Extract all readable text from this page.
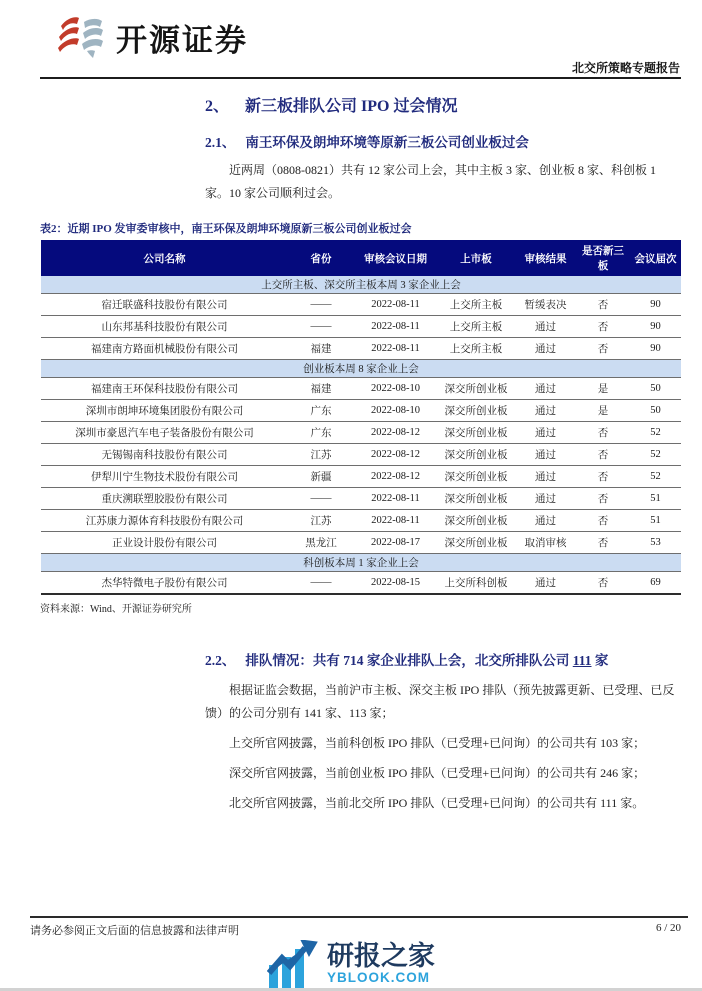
开源证券
北交所策略专题报告
2、 新三板排队公司 IPO 过会情况
2.1、 南王环保及朗坤环境等原新三板公司创业板过会

近两周（0808-0821）共有 12 家公司上会，其中主板 3 家、创业板 8 家、科创板 1 家。10 家公司顺利过会。

表2：近期 IPO 发审委审核中，南王环保及朗坤环境原新三板公司创业板过会
公司名称	省份	审核会议日期	上市板	审核结果	是否新三板	会议届次
上交所主板、深交所主板本周 3 家企业上会						
宿迁联盛科技股份有限公司	——	2022-08-11	上交所主板	暂缓表决	否	90
山东邦基科技股份有限公司	——	2022-08-11	上交所主板	通过	否	90
福建南方路面机械股份有限公司	福建	2022-08-11	上交所主板	通过	否	90
创业板本周 8 家企业上会						
福建南王环保科技股份有限公司	福建	2022-08-10	深交所创业板	通过	是	50
深圳市朗坤环境集团股份有限公司	广东	2022-08-10	深交所创业板	通过	是	50
深圳市豪恩汽车电子装备股份有限公司	广东	2022-08-12	深交所创业板	通过	否	52
无锡锡南科技股份有限公司	江苏	2022-08-12	深交所创业板	通过	否	52
伊犁川宁生物技术股份有限公司	新疆	2022-08-12	深交所创业板	通过	否	52
重庆溯联塑胶股份有限公司	——	2022-08-11	深交所创业板	通过	否	51
江苏康力源体育科技股份有限公司	江苏	2022-08-11	深交所创业板	通过	否	51
正业设计股份有限公司	黑龙江	2022-08-17	深交所创业板	取消审核	否	53
科创板本周 1 家企业上会						
杰华特微电子股份有限公司	——	2022-08-15	上交所科创板	通过	否	69
资料来源：Wind、开源证券研究所
2.2、 排队情况：共有 714 家企业排队上会，北交所排队公司 111 家

根据证监会数据，当前沪市主板、深交主板 IPO 排队（预先披露更新、已受理、已反馈）的公司分别有 141 家、113 家；

上交所官网披露，当前科创板 IPO 排队（已受理+已问询）的公司共有 103 家；

深交所官网披露，当前创业板 IPO 排队（已受理+已问询）的公司共有 246 家；

北交所官网披露，当前北交所 IPO 排队（已受理+已问询）的公司共有 111 家。

请务必参阅正文后面的信息披露和法律声明	6 / 20
研报之家
YBLOOK.COM
